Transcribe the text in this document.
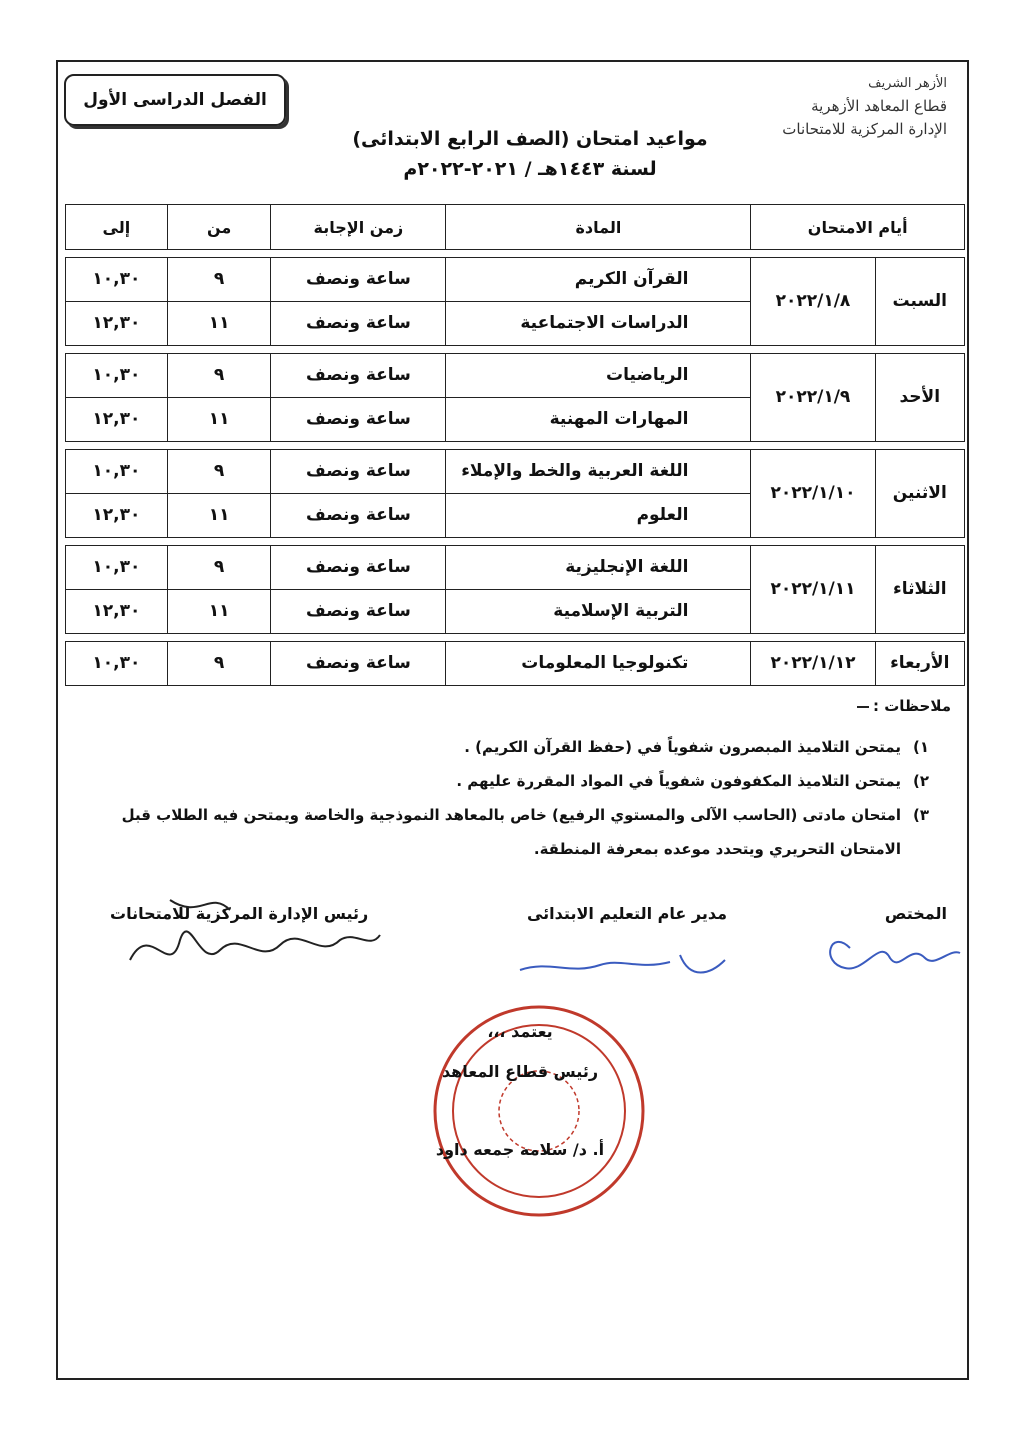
الفصل الدراسى الأول
الأزهر الشريف
قطاع المعاهد الأزهرية
الإدارة المركزية للامتحانات
مواعيد امتحان (الصف الرابع الابتدائى)
لسنة ١٤٤٣هـ / ٢٠٢١-٢٠٢٢م
أيام الامتحان		المادة	زمن الإجابة	من	إلى

السبت	٢٠٢٢/١/٨	القرآن الكريم	ساعة ونصف	٩	١٠,٣٠
		الدراسات الاجتماعية	ساعة ونصف	١١	١٢,٣٠

الأحد	٢٠٢٢/١/٩	الرياضيات	ساعة ونصف	٩	١٠,٣٠
		المهارات المهنية	ساعة ونصف	١١	١٢,٣٠

الاثنين	٢٠٢٢/١/١٠	اللغة العربية والخط والإملاء	ساعة ونصف	٩	١٠,٣٠
		العلوم	ساعة ونصف	١١	١٢,٣٠

الثلاثاء	٢٠٢٢/١/١١	اللغة الإنجليزية	ساعة ونصف	٩	١٠,٣٠
		التربية الإسلامية	ساعة ونصف	١١	١٢,٣٠

الأربعاء	٢٠٢٢/١/١٢	تكنولوجيا المعلومات	ساعة ونصف	٩	١٠,٣٠
ملاحظات :
١)
يمتحن التلاميذ المبصرون شفوياً في (حفظ القرآن الكريم) .
٢)
يمتحن التلاميذ المكفوفون شفوياً في المواد المقررة عليهم .
٣)
امتحان مادتى (الحاسب الآلى والمستوي الرفيع) خاص بالمعاهد النموذجية والخاصة ويمتحن فيه الطلاب قبل الامتحان التحريري ويتحدد موعده بمعرفة المنطقة.
المختص
مدير عام التعليم الابتدائى
رئيس الإدارة المركزية للامتحانات
يعتمد ،،،
رئيس قطاع المعاهد
أ. د/ سلامه جمعه داود
